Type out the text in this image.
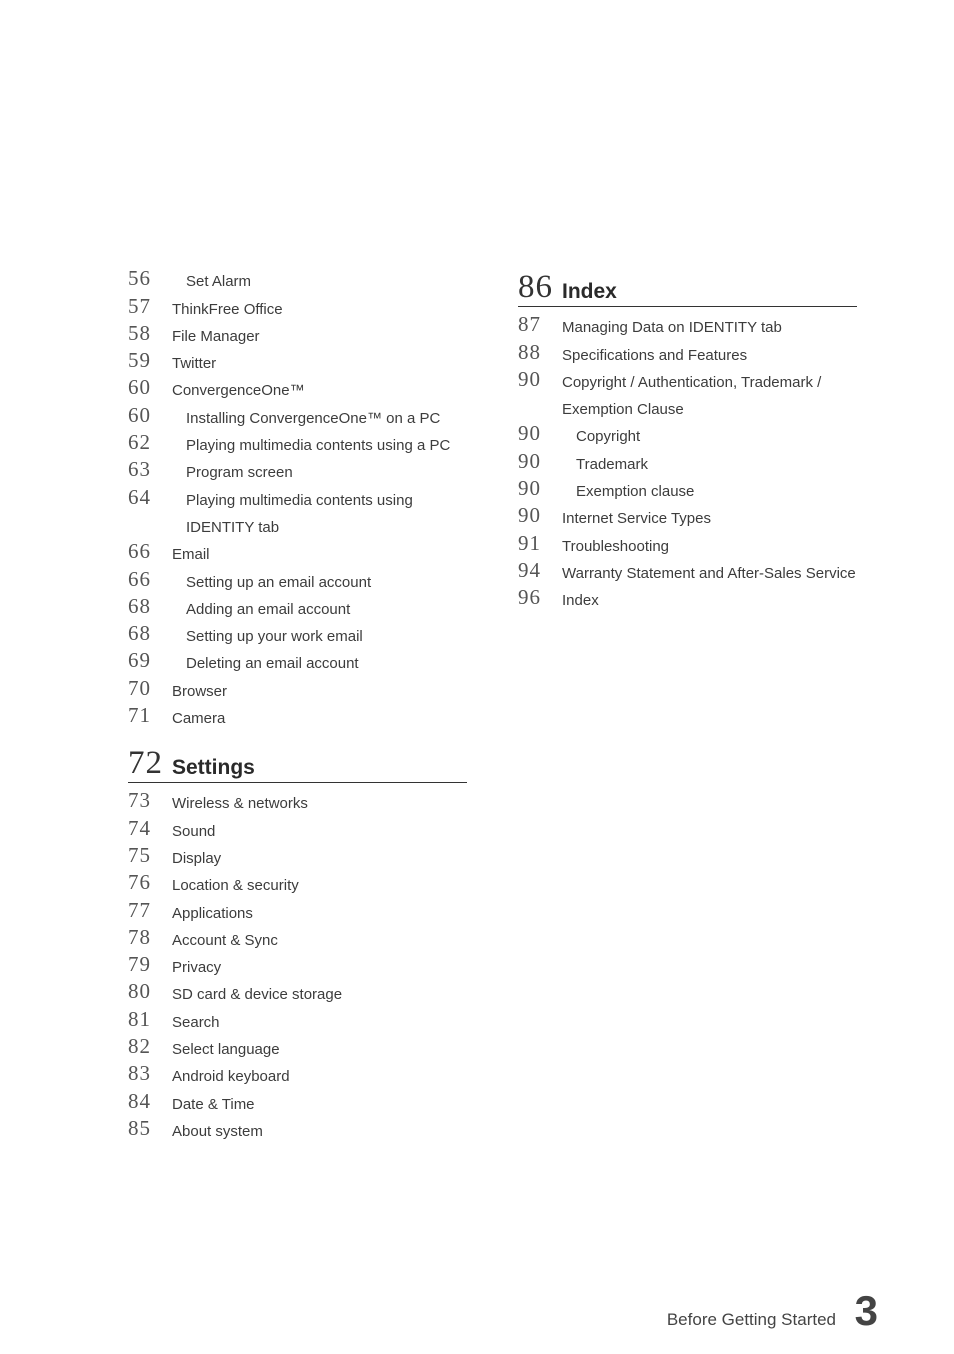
56 Set Alarm
57 ThinkFree Office
58 File Manager
59 Twitter
60 ConvergenceOne™
60 Installing ConvergenceOne™ on a PC
62 Playing multimedia contents using a PC
63 Program screen
64 Playing multimedia contents using
IDENTITY tab
66 Email
66 Setting up an email account
68 Adding an email account
68 Setting up your work email
69 Deleting an email account
70 Browser
71 Camera
72 Settings
73 Wireless & networks
74 Sound
75 Display
76 Location & security
77 Applications
78 Account & Sync
79 Privacy
80 SD card & device storage
81 Search
82 Select language
83 Android keyboard
84 Date & Time
85 About system
86 Index
87 Managing Data on IDENTITY tab
88 Specifications and Features
90 Copyright / Authentication, Trademark /
Exemption Clause
90 Copyright
90 Trademark
90 Exemption clause
90 Internet Service Types
91 Troubleshooting
94 Warranty Statement and After-Sales Service
96 Index
Before Getting Started 3
